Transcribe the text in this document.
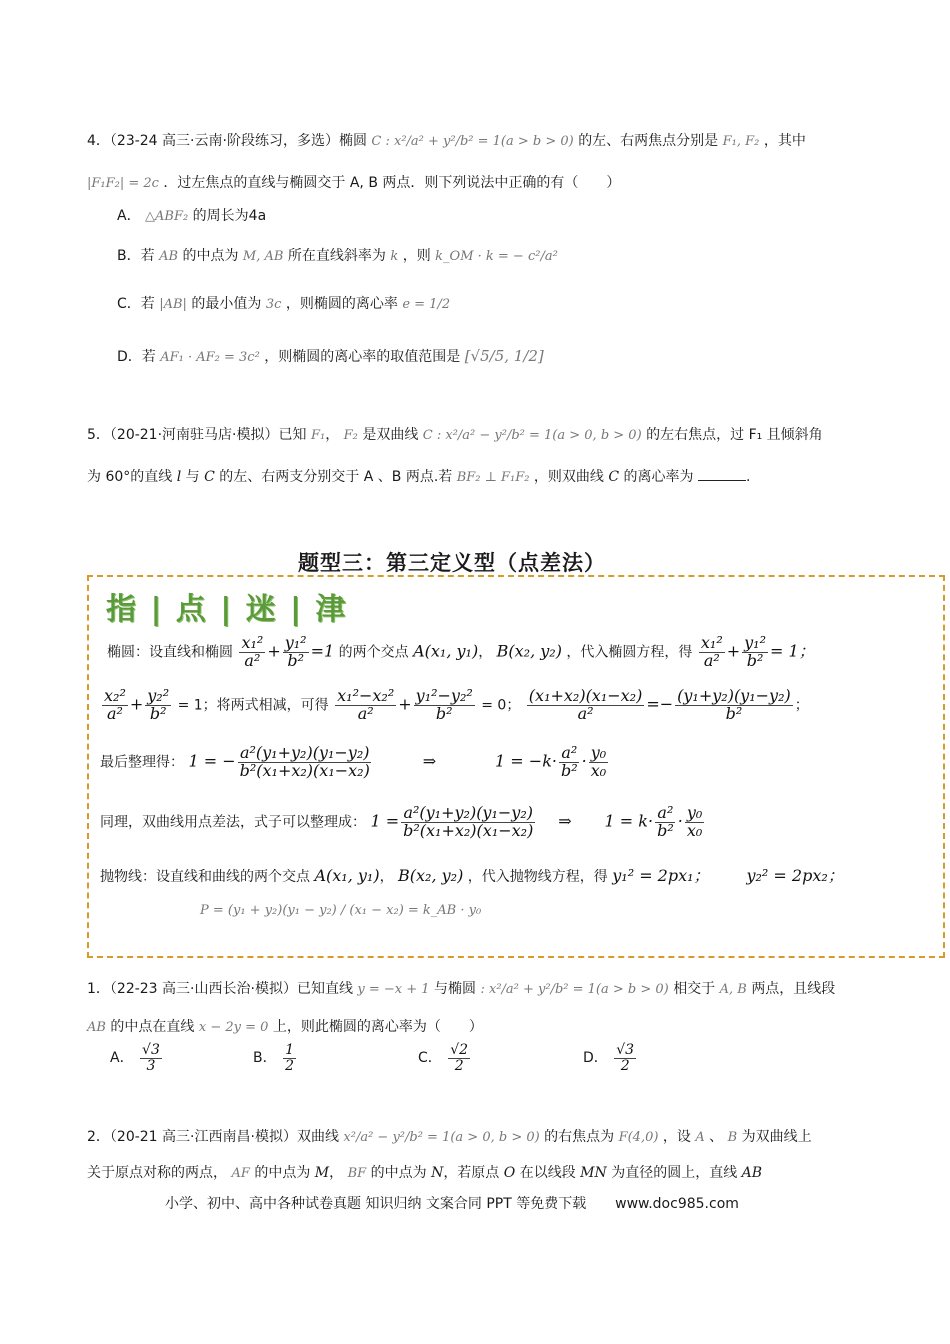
4．（23-24 高三·云南·阶段练习，多选）椭圆 C : x²/a² + y²/b² = 1(a > b > 0) 的左、右两焦点分别是 F₁, F₂ ，其中
|F₁F₂| = 2c ．过左焦点的直线与椭圆交于 A, B 两点．则下列说法中正确的有（　　）
A． △ABF₂ 的周长为4a
B．若 AB 的中点为 M, AB 所在直线斜率为 k ，则 k_OM · k = − c²/a²
C．若 |AB| 的最小值为 3c ，则椭圆的离心率 e = 1/2
D．若 AF₁ · AF₂ = 3c² ，则椭圆的离心率的取值范围是 [√5/5, 1/2]
5．（20-21·河南驻马店·模拟）已知 F₁， F₂ 是双曲线 C : x²/a² − y²/b² = 1(a > 0, b > 0) 的左右焦点，过 F₁ 且倾斜角
为 60°的直线 l 与 C 的左、右两支分别交于 A 、B 两点.若 BF₂ ⊥ F₁F₂ ，则双曲线 C 的离心率为	.
题型三：第三定义型（点差法）
指 | 点 | 迷 | 津
椭圆：设直线和椭圆 $\frac{\text{x₁²}}{\text{a²}} + \frac{\text{y₁²}}{\text{b²}} =1$ 的两个交点 A(x₁, y₁)， B(x₂, y₂) ，代入椭圆方程，得 $\frac{\text{x₁²}}{\text{a²}} + \frac{\text{y₁²}}{\text{b²}} = 1$；
$\frac{\text{x₂²}}{\text{a²}} + \frac{\text{y₂²}}{\text{b²}} = 1$；将两式相减，可得 $\frac{\text{x₁²−x₂²}}{\text{a²}} + \frac{\text{y₁²−y₂²}}{\text{b²}} = 0$； $\frac{\text{(x₁+x₂)(x₁−x₂)}}{\text{a²}} =- \frac{\text{(y₁+y₂)(y₁−y₂)}}{\text{b²}}$ ；
最后整理得： 1 = − $\frac{\text{a²(y₁+y₂)(y₁−y₂)}}{\text{b²(x₁+x₂)(x₁−x₂)}}$	⇒	$1 = -k\cdot \frac{\text{a²}}{\text{b²}} \cdot \frac{\text{y₀}}{\text{x₀}}$
同理，双曲线用点差法，式子可以整理成： $1 = \frac{\text{a²(y₁+y₂)(y₁−y₂)}}{\text{b²(x₁+x₂)(x₁−x₂)}}$ ⇒ $1 = k\cdot \frac{\text{a²}}{\text{b²}} \cdot \frac{\text{y₀}}{\text{x₀}}$
抛物线：设直线和曲线的两个交点 A(x₁, y₁)， B(x₂, y₂) ，代入抛物线方程，得 y₁² = 2px₁； y₂² = 2px₂；
P = (y₁ + y₂)(y₁ − y₂) / (x₁ − x₂) = k_AB · y₀
1．（22-23 高三·山西长治·模拟）已知直线 y = −x + 1 与椭圆 : x²/a² + y²/b² = 1(a > b > 0) 相交于 A, B 两点，且线段
AB 的中点在直线 x − 2y = 0 上，则此椭圆的离心率为（　　）
A． $\frac{√3}{3}$	B． $\frac{1}{2}$	C． $\frac{√2}{2}$	D． $\frac{√3}{2}$
2．（20-21 高三·江西南昌·模拟）双曲线 x²/a² − y²/b² = 1(a > 0, b > 0) 的右焦点为 F(4,0) ，设 A 、 B 为双曲线上
关于原点对称的两点， AF 的中点为 M， BF 的中点为 N，若原点 O 在以线段 MN 为直径的圆上，直线 AB
小学、初中、高中各种试卷真题 知识归纳 文案合同 PPT 等免费下载 www.doc985.com
